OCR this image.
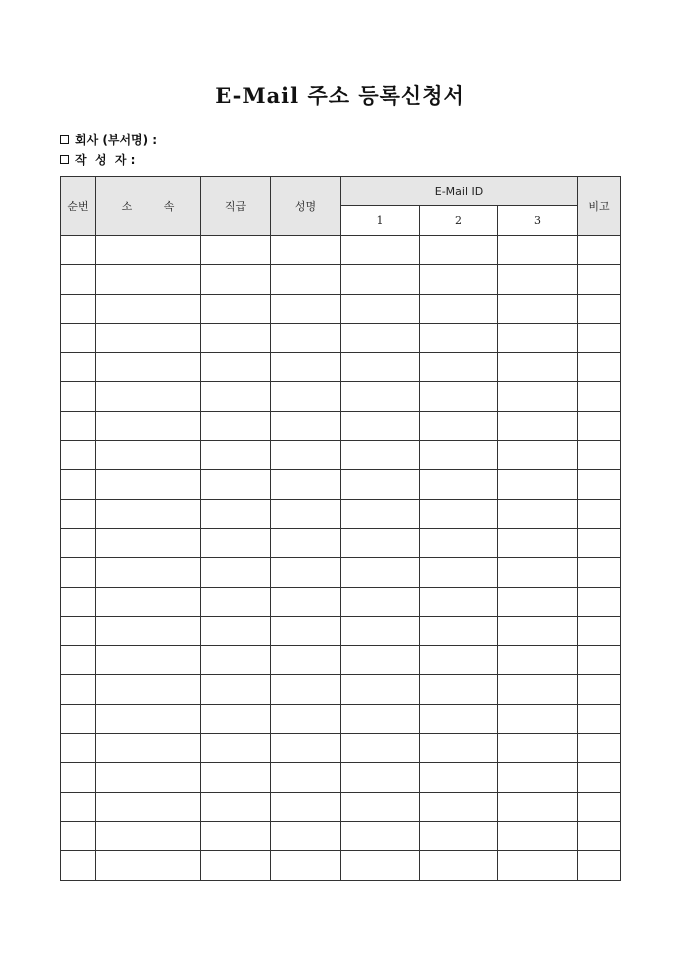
E-Mail 주소 등록신청서
회사 (부서명) :
작  성  자 :
순번	소 속	직급	성명	E-Mail ID			비고
				1	2	3	
